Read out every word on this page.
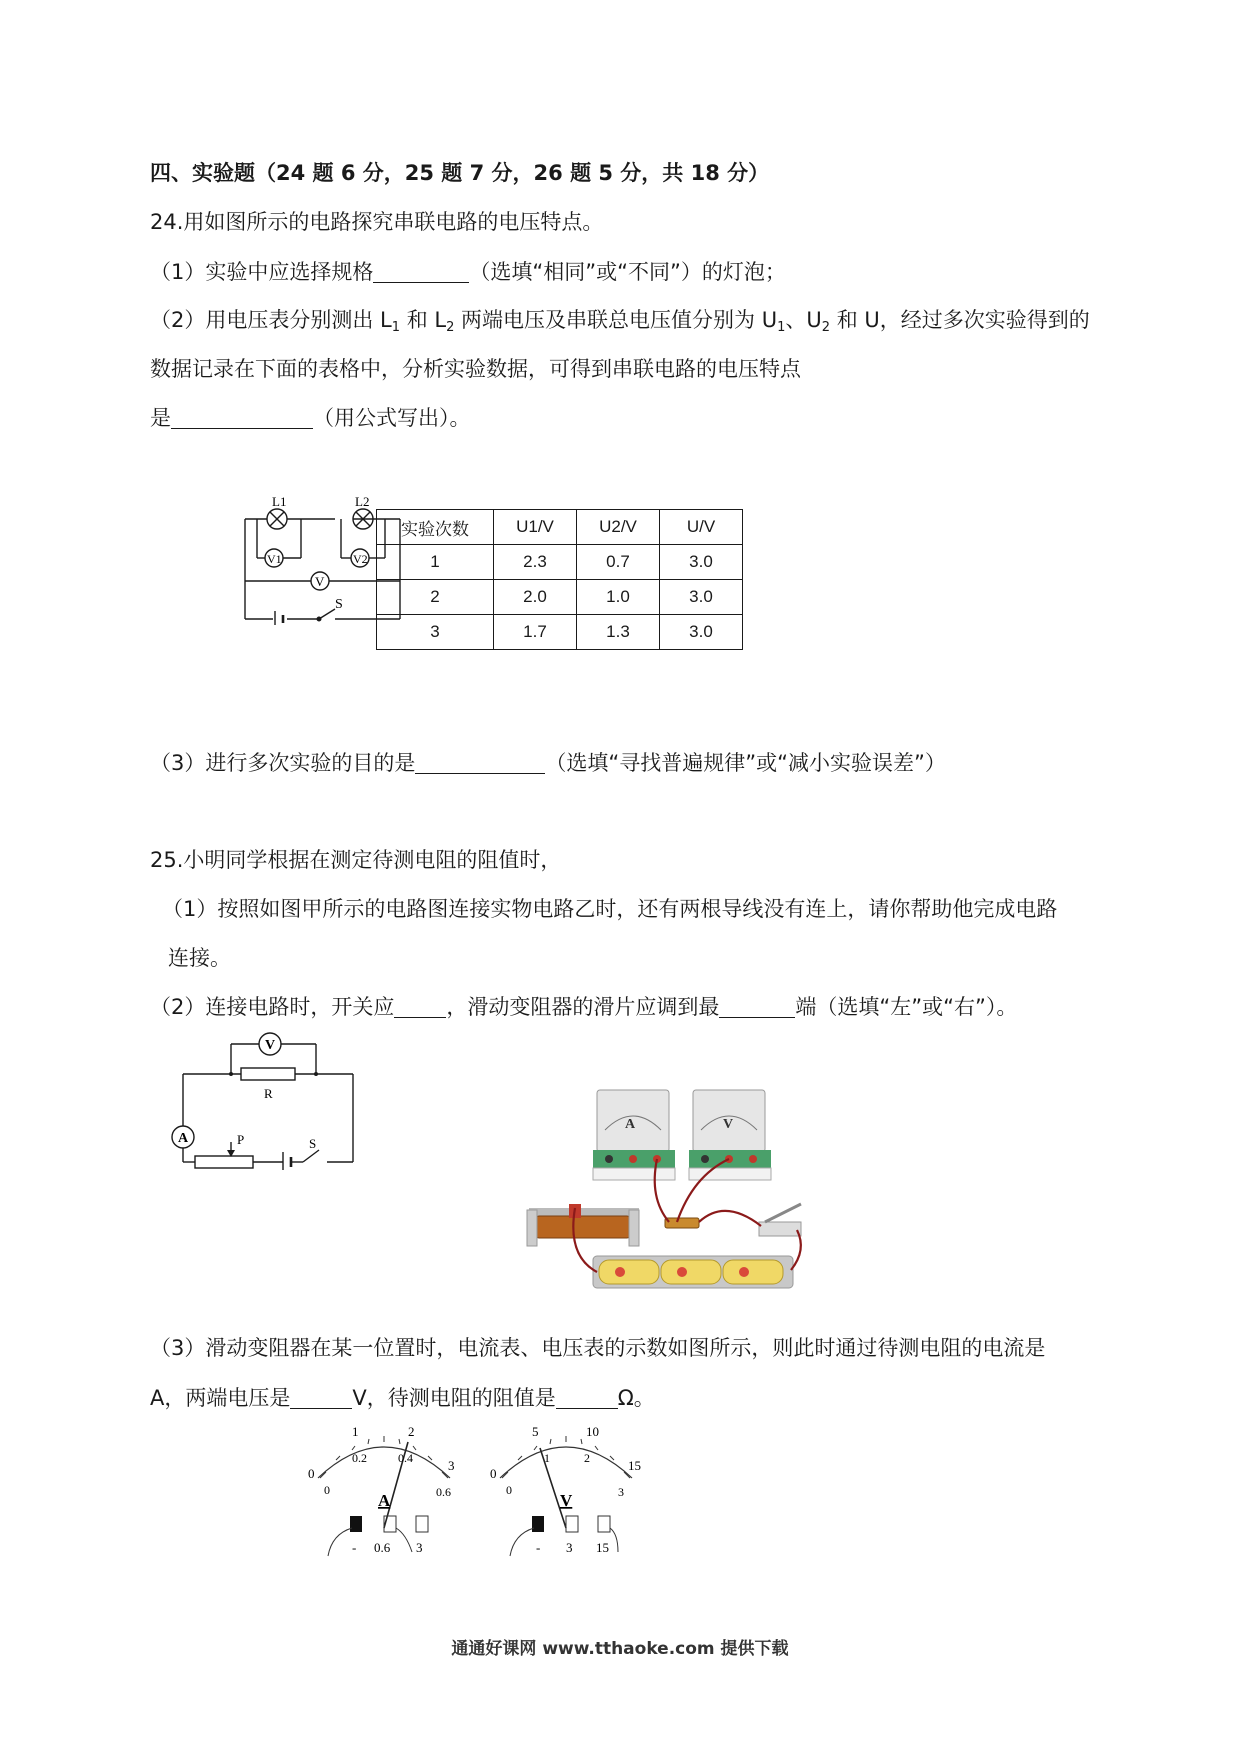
四、实验题（24 题 6 分，25 题 7 分，26 题 5 分，共 18 分）
24.用如图所示的电路探究串联电路的电压特点。
（1）实验中应选择规格	（选填“相同”或“不同”）的灯泡；
（2）用电压表分别测出 $L_1$ 和 $L_2$ 两端电压及串联总电压值分别为 $U_1$、$U_2$ 和 U，经过多次实验得到的
数据记录在下面的表格中，分析实验数据，可得到串联电路的电压特点
是	（用公式写出）。
L1	L2
V1	V2
V
S
实验次数	U1/V	U2/V	U/V
1	2.3	0.7	3.0
2	2.0	1.0	3.0
3	1.7	1.3	3.0
（3）进行多次实验的目的是	（选填“寻找普遍规律”或“减小实验误差”）
25.小明同学根据在测定待测电阻的阻值时，
（1）按照如图甲所示的电路图连接实物电路乙时，还有两根导线没有连上，请你帮助他完成电路
连接。
（2）连接电路时，开关应 ，滑动变阻器的滑片应调到最	端（选填“左”或“右”）。
V
A
R
P	S
A	V
（3）滑动变阻器在某一位置时，电流表、电压表的示数如图所示，则此时通过待测电阻的电流是
A，两端电压是	V，待测电阻的阻值是	Ω。
0
1	2
3
0
0.2	0.4
0.6
A
- 0.6 3
0
5	10
15
0
1	2
3
V
- 3 15
通通好课网 www.tthaoke.com 提供下载
